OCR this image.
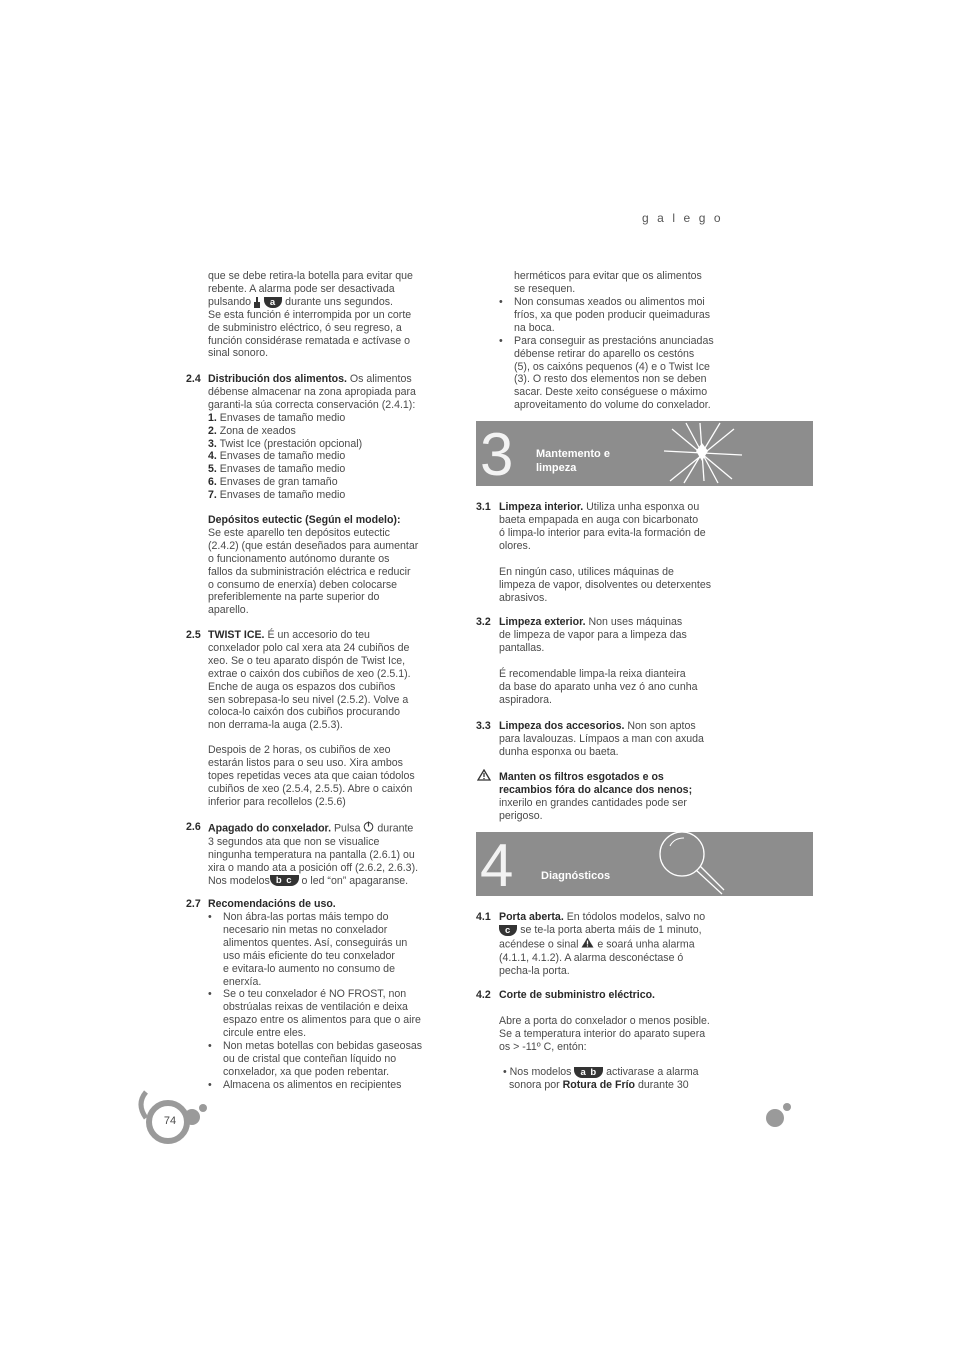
galego

que se debe retira-la botella para evitar que

rebente. A alarma pode ser desactivada

pulsando a durante uns segundos.

Se esta función é interrompida por un corte

de subministro eléctrico, ó seu regreso, a

función considérase rematada e actívase o

sinal sonoro.

2.4 Distribución dos alimentos. Os alimentos

débense almacenar na zona apropiada para

garanti-la súa correcta conservación (2.4.1):

1. Envases de tamaño medio

2. Zona de xeados

3. Twist Ice (prestación opcional)

4. Envases de tamaño medio

5. Envases de tamaño medio

6. Envases de gran tamaño

7. Envases de tamaño medio

Depósitos eutectic (Según el modelo):

Se este aparello ten depósitos eutectic

(2.4.2) (que están deseñados para aumentar

o funcionamento autónomo durante os

fallos da subministración eléctrica e reducir

o consumo de enerxía) deben colocarse

preferiblemente na parte superior do

aparello.

2.5 TWIST ICE. É un accesorio do teu

conxelador polo cal xera ata 24 cubiños de

xeo. Se o teu aparato dispón de Twist Ice,

extrae o caixón dos cubiños de xeo (2.5.1).

Enche de auga os espazos dos cubiños

sen sobrepasa-lo seu nivel (2.5.2). Volve a

coloca-lo caixón dos cubiños procurando

non derrama-la auga (2.5.3).

Despois de 2 horas, os cubiños de xeo

estarán listos para o seu uso. Xira ambos

topes repetidas veces ata que caian tódolos

cubiños de xeo (2.5.4, 2.5.5). Abre o caixón

inferior para recollelos (2.5.6)

2.6 Apagado do conxelador. Pulsa durante

3 segundos ata que non se visualice

ningunha temperatura na pantalla (2.6.1) ou

xira o mando ata a posición off (2.6.2, 2.6.3).

Nos modelos b c o led “on” apagaranse.

2.7 Recomendacións de uso.

• Non ábra-las portas máis tempo do
necesario nin metas no conxelador
alimentos quentes. Así, conseguirás un
uso máis eficiente do teu conxelador
e evitara-lo aumento no consumo de
enerxía.
• Se o teu conxelador é NO FROST, non
obstrúalas reixas de ventilación e deixa
espazo entre os alimentos para que o aire
circule entre eles.
• Non metas botellas con bebidas gaseosas
ou de cristal que conteñan líquido no
conxelador, xa que poden rebentar.
• Almacena os alimentos en recipientes
74

herméticos para evitar que os alimentos

se resequen.

• Non consumas xeados ou alimentos moi
fríos, xa que poden producir queimaduras
na boca.
• Para conseguir as prestacións anunciadas
débense retirar do aparello os cestóns
(5), os caixóns pequenos (4) e o Twist Ice
(3). O resto dos elementos non se deben
sacar. Deste xeito conséguese o máximo
aproveitamento do volume do conxelador.
3 Mantemento e
limpeza
3.1 Limpeza interior. Utiliza unha esponxa ou

baeta empapada en auga con bicarbonato

ó limpa-lo interior para evita-la formación de

olores.

En ningún caso, utilices máquinas de

limpeza de vapor, disolventes ou deterxentes

abrasivos.

3.2 Limpeza exterior. Non uses máquinas

de limpeza de vapor para a limpeza das

pantallas.

É recomendable limpa-la reixa dianteira

da base do aparato unha vez ó ano cunha

aspiradora.

3.3 Limpeza dos accesorios. Non son aptos

para lavalouzas. Límpaos a man con axuda

dunha esponxa ou baeta.

Manten os filtros esgotados e os

recambios fóra do alcance dos nenos;

inxerilo en grandes cantidades pode ser

perigoso.

4	Diagnósticos
4.1 Porta aberta. En tódolos modelos, salvo no

c se te-la porta aberta máis de 1 minuto,

acéndese o sinal e soará unha alarma

(4.1.1, 4.1.2). A alarma desconéctase ó

pecha-la porta.

4.2 Corte de subministro eléctrico.

Abre a porta do conxelador o menos posible.

Se a temperatura interior do aparato supera

os > -11º C, entón:

• Nos modelos a b activarase a alarma

sonora por Rotura de Frío durante 30
